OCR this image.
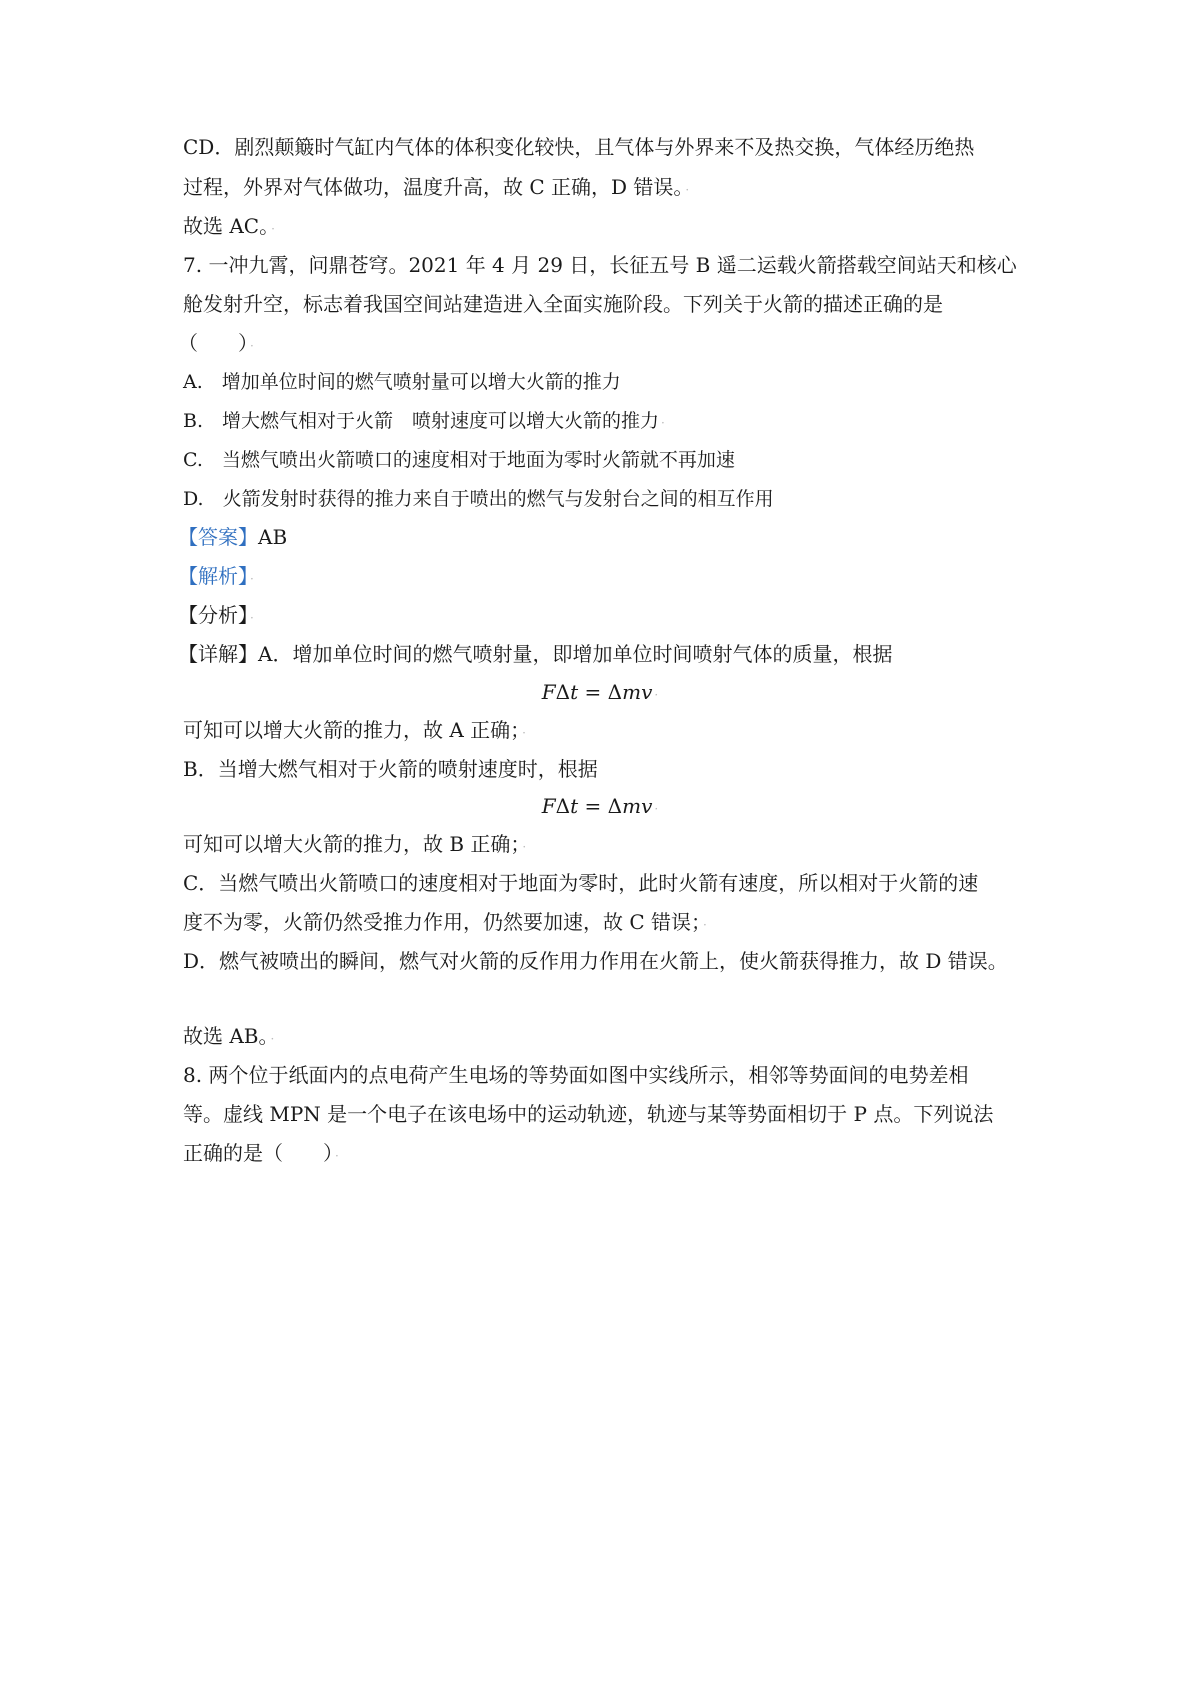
CD．剧烈颠簸时气缸内气体的体积变化较快，且气体与外界来不及热交换，气体经历绝热
过程，外界对气体做功，温度升高，故 C 正确，D 错误。 ·
故选 AC。 ·
7. 一冲九霄，问鼎苍穹。2021 年 4 月 29 日，长征五号 B 遥二运载火箭搭载空间站天和核心
舱发射升空，标志着我国空间站建造进入全面实施阶段。下列关于火箭的描述正确的是
（　　） ·
A.　增加单位时间的燃气喷射量可以增大火箭的推力
B.　增大燃气相对于火箭　喷射速度可以增大火箭的推力 ·
C.　当燃气喷出火箭喷口的速度相对于地面为零时火箭就不再加速
D.　火箭发射时获得的推力来自于喷出的燃气与发射台之间的相互作用
【答案】AB
【解析】 ·
【分析】 ·
【详解】A．增加单位时间的燃气喷射量，即增加单位时间喷射气体的质量，根据
FΔt = Δmv ·
可知可以增大火箭的推力，故 A 正确； ·
B．当增大燃气相对于火箭的喷射速度时，根据
FΔt = Δmv ·
可知可以增大火箭的推力，故 B 正确； ·
C．当燃气喷出火箭喷口的速度相对于地面为零时，此时火箭有速度，所以相对于火箭的速
度不为零，火箭仍然受推力作用，仍然要加速，故 C 错误； ·
D．燃气被喷出的瞬间，燃气对火箭的反作用力作用在火箭上，使火箭获得推力，故 D 错误。
故选 AB。 ·
8. 两个位于纸面内的点电荷产生电场的等势面如图中实线所示，相邻等势面间的电势差相
等。虚线 MPN 是一个电子在该电场中的运动轨迹，轨迹与某等势面相切于 P 点。下列说法
正确的是（　　） ·
